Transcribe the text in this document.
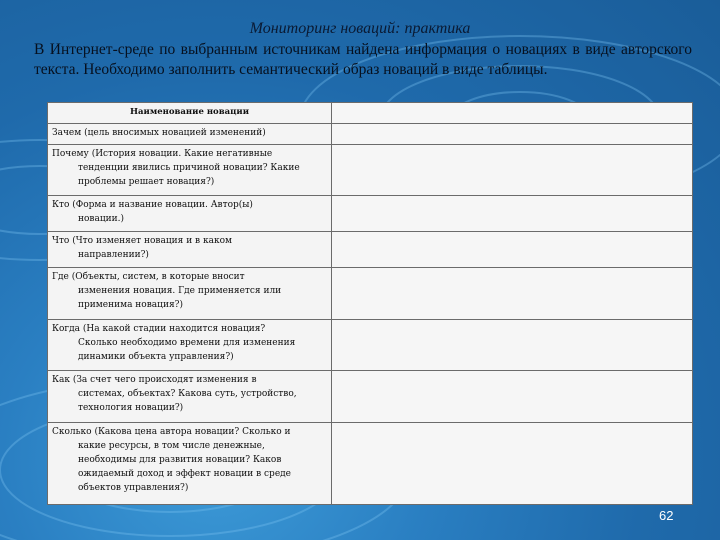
Мониторинг новаций: практика
В Интернет-среде по выбранным источникам найдена информация о новациях в виде авторского текста. Необходимо заполнить семантический образ новаций в виде таблицы.
Наименование новации	

Зачем (цель вносимых новацией изменений)	

Почему (История новации. Какие негативные
тенденции явились причиной новации? Какие
проблемы решает новация?)	

Кто (Форма и название новации. Автор(ы)
новации.)	

Что (Что изменяет новация и в каком
направлении?)	

Где (Объекты, систем, в которые вносит
изменения новация. Где применяется или
применима новация?)	

Когда (На какой стадии находится новация?
Сколько необходимо времени для изменения
динамики объекта управления?)	

Как (За счет чего происходят изменения в
системах, объектах? Какова суть, устройство,
технология новации?)	

Сколько (Какова цена автора новации? Сколько и
какие ресурсы, в том числе денежные,
необходимы для развития новации? Каков
ожидаемый доход и эффект новации в среде
объектов управления?)	

62
